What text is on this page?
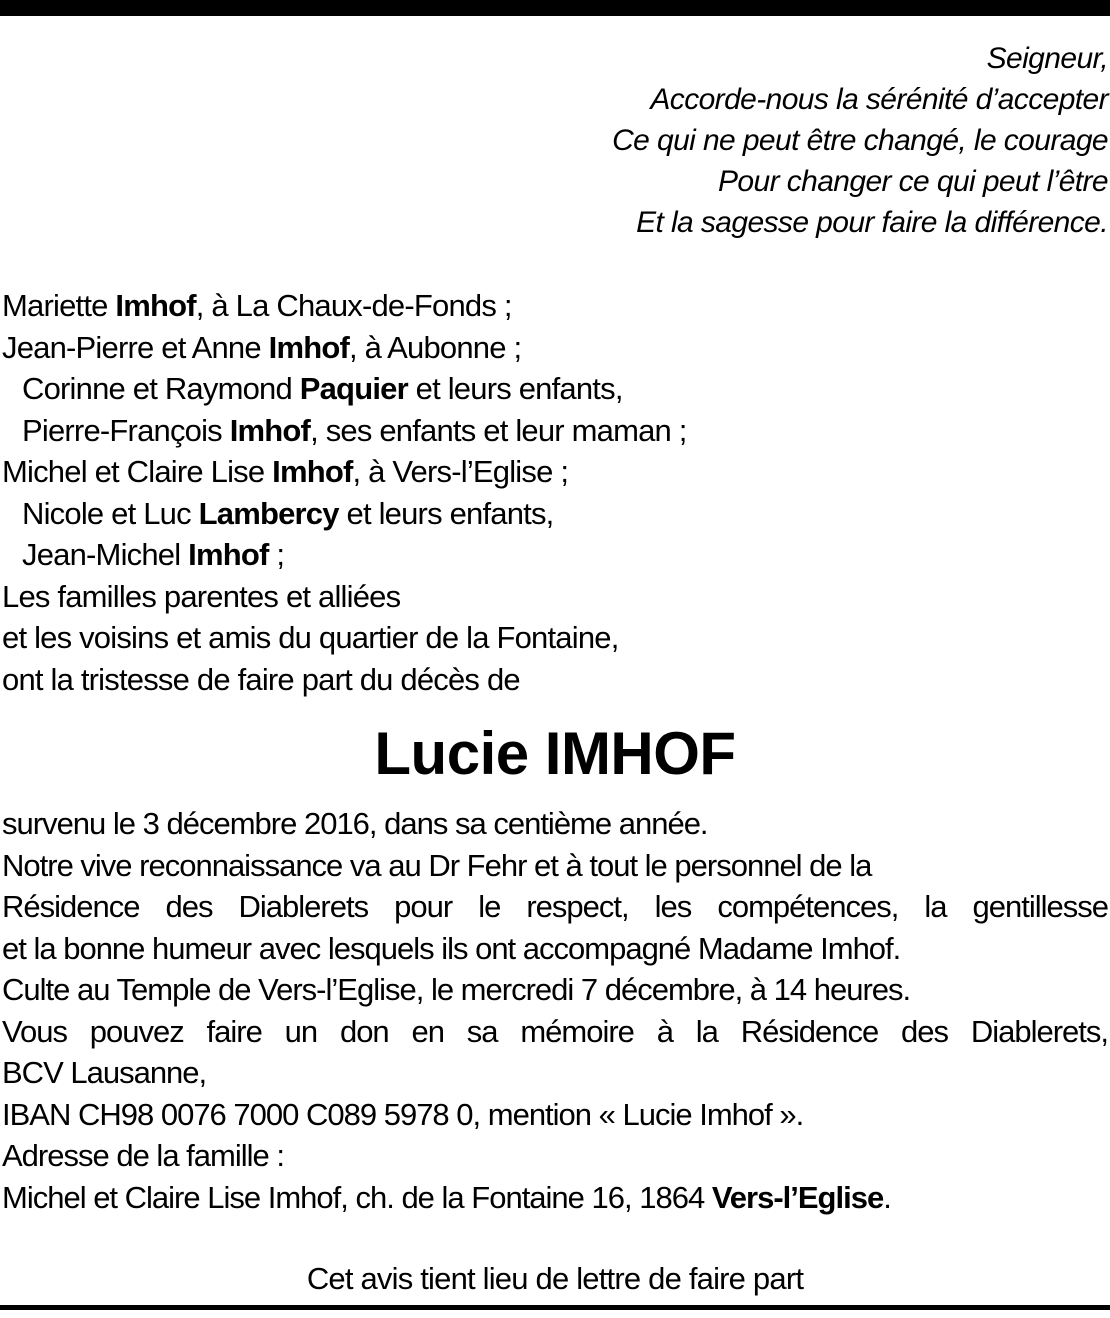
Seigneur,
Accorde-nous la sérénité d’accepter
Ce qui ne peut être changé, le courage
Pour changer ce qui peut l’être
Et la sagesse pour faire la différence.
Mariette Imhof, à La Chaux-de-Fonds ;
Jean-Pierre et Anne Imhof, à Aubonne ;
Corinne et Raymond Paquier et leurs enfants,
Pierre-François Imhof, ses enfants et leur maman ;
Michel et Claire Lise Imhof, à Vers-l’Eglise ;
Nicole et Luc Lambercy et leurs enfants,
Jean-Michel Imhof ;
Les familles parentes et alliées
et les voisins et amis du quartier de la Fontaine,
ont la tristesse de faire part du décès de
Lucie IMHOF
survenu le 3 décembre 2016, dans sa centième année.
Notre vive reconnaissance va au Dr Fehr et à tout le personnel de la
Résidence des Diablerets pour le respect, les compétences, la gentillesse
et la bonne humeur avec lesquels ils ont accompagné Madame Imhof.
Culte au Temple de Vers-l’Eglise, le mercredi 7 décembre, à 14 heures.
Vous pouvez faire un don en sa mémoire à la Résidence des Diablerets,
BCV Lausanne,
IBAN CH98 0076 7000 C089 5978 0, mention « Lucie Imhof ».
Adresse de la famille :
Michel et Claire Lise Imhof, ch. de la Fontaine 16, 1864 Vers-l’Eglise.
Cet avis tient lieu de lettre de faire part
